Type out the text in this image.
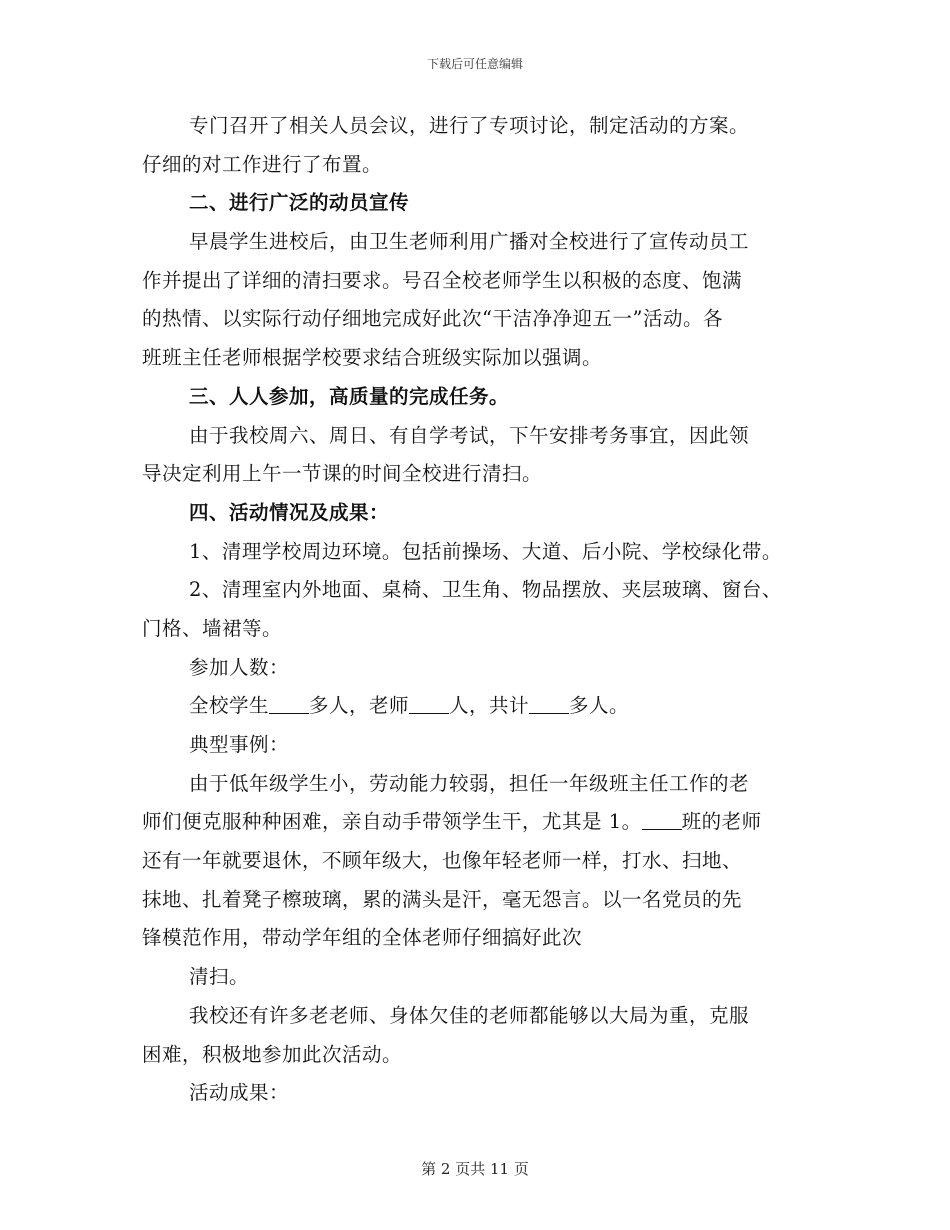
下载后可任意编辑
专门召开了相关人员会议，进行了专项讨论，制定活动的方案。
仔细的对工作进行了布置。
二、进行广泛的动员宣传
早晨学生进校后，由卫生老师利用广播对全校进行了宣传动员工
作并提出了详细的清扫要求。号召全校老师学生以积极的态度、饱满
的热情、以实际行动仔细地完成好此次“干洁净净迎五一”活动。各
班班主任老师根据学校要求结合班级实际加以强调。
三、人人参加，高质量的完成任务。
由于我校周六、周日、有自学考试，下午安排考务事宜，因此领
导决定利用上午一节课的时间全校进行清扫。
四、活动情况及成果：
1、清理学校周边环境。包括前操场、大道、后小院、学校绿化带。
2、清理室内外地面、桌椅、卫生角、物品摆放、夹层玻璃、窗台、
门格、墙裙等。
参加人数：
全校学生 多人，老师 人，共计 多人。
典型事例：
由于低年级学生小，劳动能力较弱，担任一年级班主任工作的老
师们便克服种种困难，亲自动手带领学生干，尤其是 1。 班的老师
还有一年就要退休，不顾年级大，也像年轻老师一样，打水、扫地、
抹地、扎着凳子檫玻璃，累的满头是汗，毫无怨言。以一名党员的先
锋模范作用，带动学年组的全体老师仔细搞好此次
清扫。
我校还有许多老老师、身体欠佳的老师都能够以大局为重，克服
困难，积极地参加此次活动。
活动成果：
第 2 页共 11 页
